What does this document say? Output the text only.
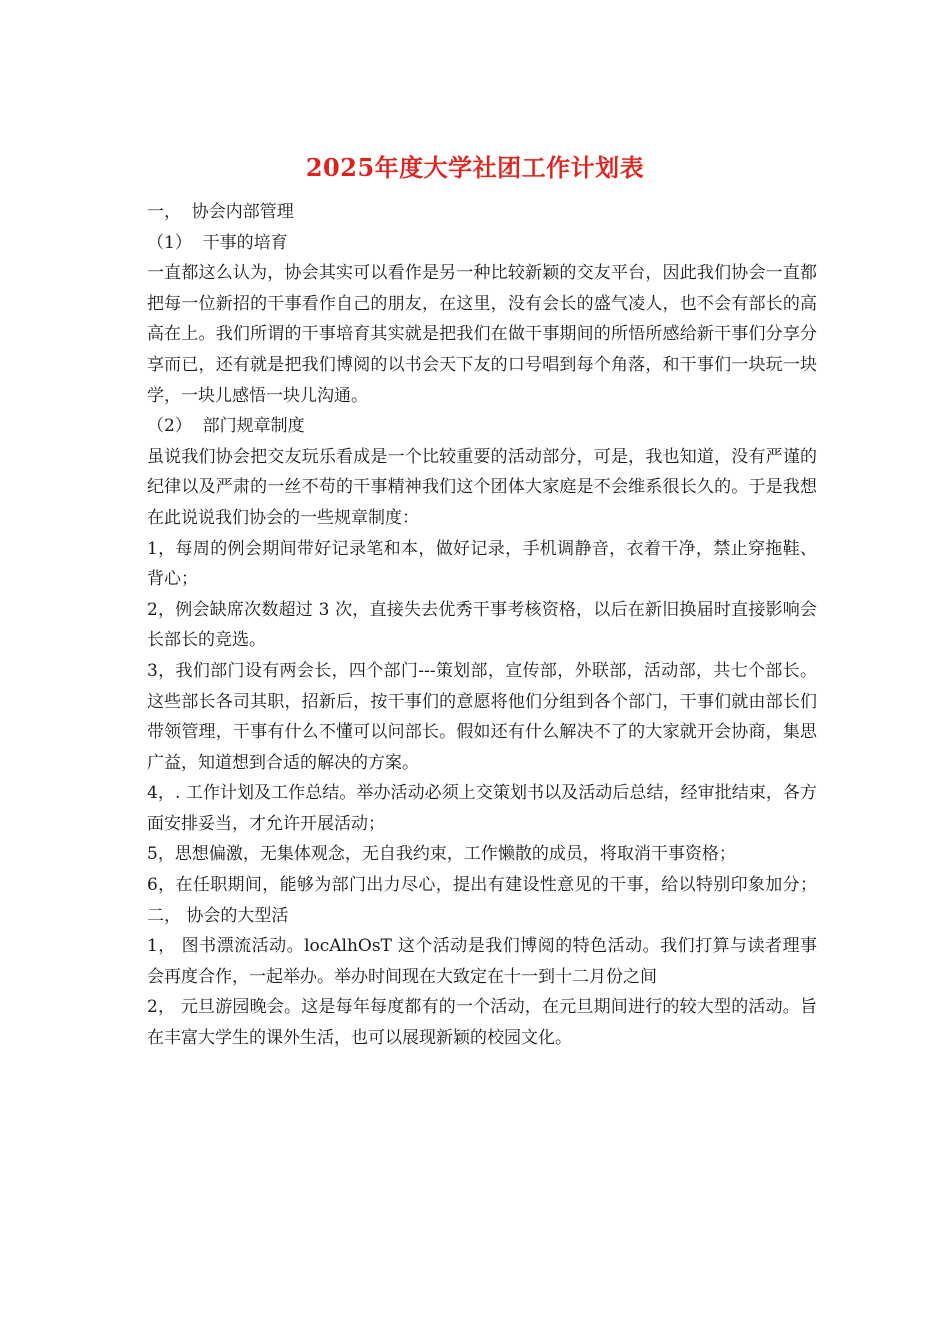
2025年度大学社团工作计划表

一，  协会内部管理

（1）  干事的培育

一直都这么认为，协会其实可以看作是另一种比较新颖的交友平台，因此我们协会一直都把每一位新招的干事看作自己的朋友，在这里，没有会长的盛气凌人，也不会有部长的高高在上。我们所谓的干事培育其实就是把我们在做干事期间的所悟所感给新干事们分享分享而已，还有就是把我们博阅的以书会天下友的口号唱到每个角落，和干事们一块玩一块学，一块儿感悟一块儿沟通。

（2）  部门规章制度

虽说我们协会把交友玩乐看成是一个比较重要的活动部分，可是，我也知道，没有严谨的纪律以及严肃的一丝不苟的干事精神我们这个团体大家庭是不会维系很长久的。于是我想在此说说我们协会的一些规章制度：

1，每周的例会期间带好记录笔和本，做好记录，手机调静音，衣着干净，禁止穿拖鞋、背心；

2，例会缺席次数超过 3 次，直接失去优秀干事考核资格，以后在新旧换届时直接影响会长部长的竞选。

3，我们部门设有两会长，四个部门---策划部，宣传部，外联部，活动部，共七个部长。这些部长各司其职，招新后，按干事们的意愿将他们分组到各个部门，干事们就由部长们带领管理，干事有什么不懂可以问部长。假如还有什么解决不了的大家就开会协商，集思广益，知道想到合适的解决的方案。

4，. 工作计划及工作总结。举办活动必须上交策划书以及活动后总结，经审批结束，各方面安排妥当，才允许开展活动；

5，思想偏激，无集体观念，无自我约束，工作懒散的成员，将取消干事资格；

6，在任职期间，能够为部门出力尽心，提出有建设性意见的干事，给以特别印象加分； 二， 协会的大型活

1， 图书漂流活动。locAlhOsT 这个活动是我们博阅的特色活动。我们打算与读者理事会再度合作，一起举办。举办时间现在大致定在十一到十二月份之间

2， 元旦游园晚会。这是每年每度都有的一个活动，在元旦期间进行的较大型的活动。旨在丰富大学生的课外生活，也可以展现新颖的校园文化。
